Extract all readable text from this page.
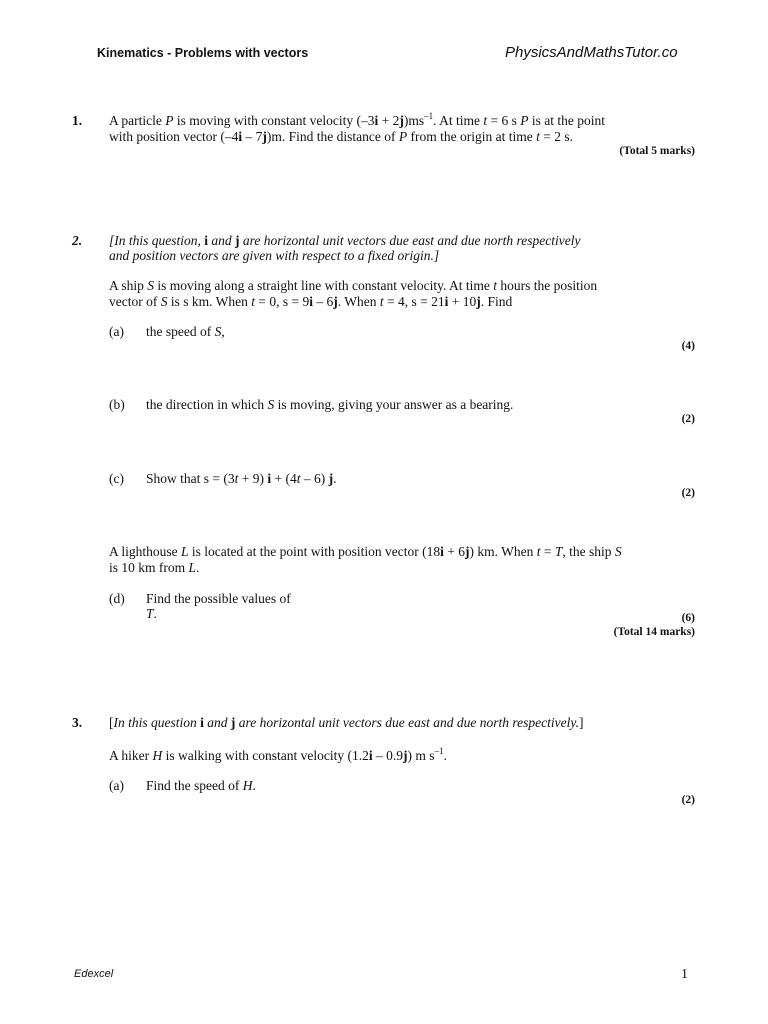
Kinematics - Problems with vectors	PhysicsAndMathsTutor.co
1. A particle P is moving with constant velocity $(-3i + 2j)ms^{-1}$. At time t = 6 s P is at the point
with position vector (–4i – 7j)m. Find the distance of P from the origin at time t = 2 s.
(Total 5 marks)
2. [In this question, i and j are horizontal unit vectors due east and due north respectively
and position vectors are given with respect to a fixed origin.]
A ship S is moving along a straight line with constant velocity. At time t hours the position
vector of S is s km. When t = 0, s = 9i – 6j. When t = 4, s = 21i + 10j. Find
(a) the speed of S,
(4)
(b) the direction in which S is moving, giving your answer as a bearing.
(2)
(c) Show that s = (3t + 9) i + (4t – 6) j.
(2)
A lighthouse L is located at the point with position vector (18i + 6j) km. When t = T, the ship S
is 10 km from L.
(d) Find the possible values of
T.	(6)
(Total 14 marks)
3. [In this question i and j are horizontal unit vectors due east and due north respectively.]
A hiker H is walking with constant velocity (1.2i – 0.9j) m $s^{-1}$.
(a) Find the speed of H.
(2)
Edexcel	1
